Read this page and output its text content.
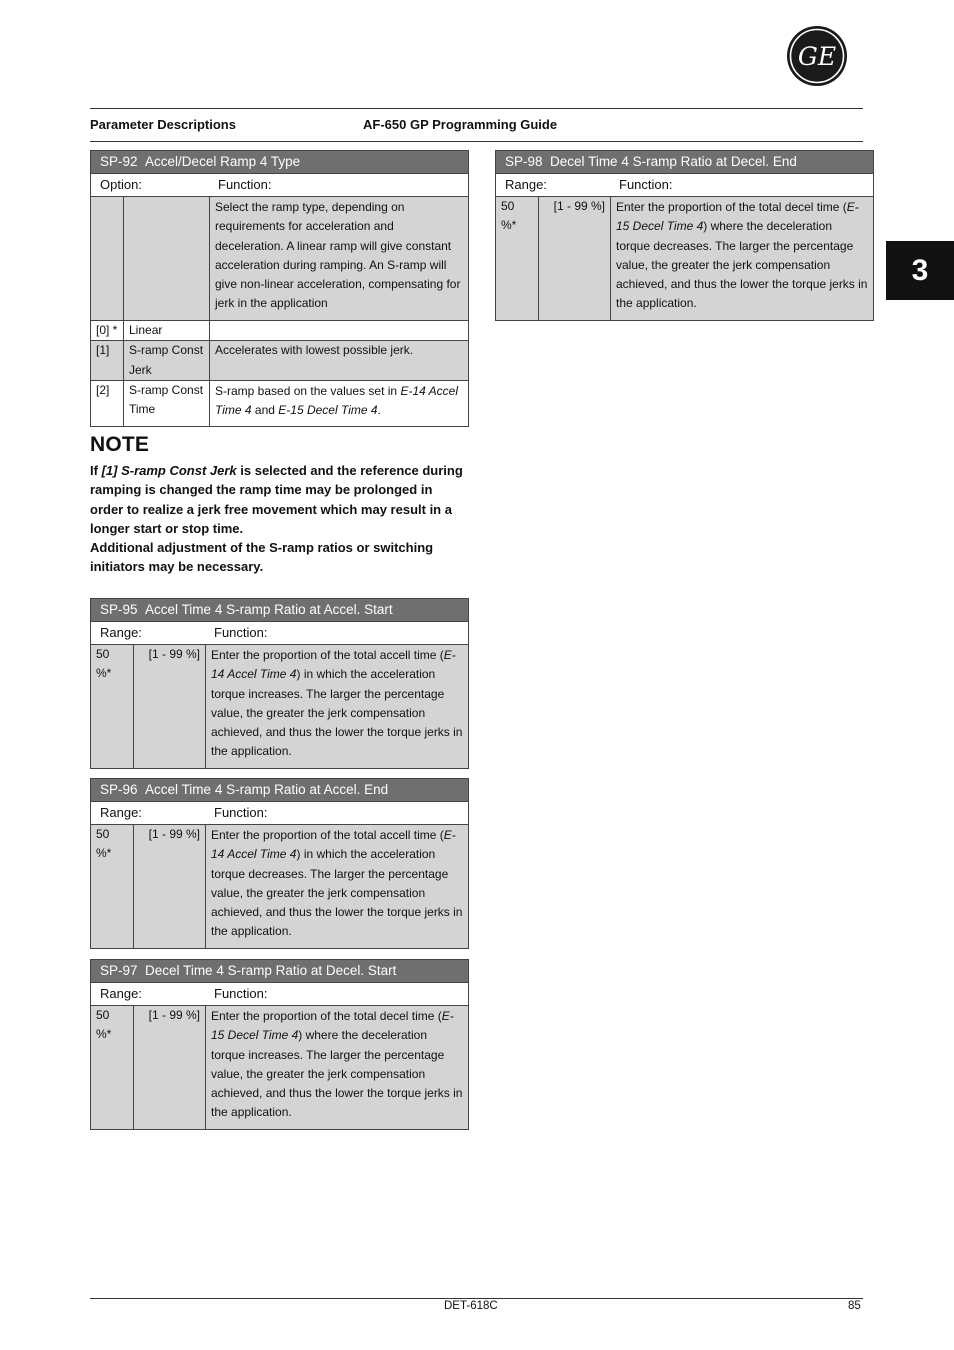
GE
Parameter Descriptions	AF-650 GP Programming Guide
3
SP-92 Accel/Decel Ramp 4 Type		
Option: Function:		
		Select the ramp type, depending on requirements for acceleration and deceleration. A linear ramp will give constant acceleration during ramping. An S-ramp will give non-linear acceleration, compensating for jerk in the application
[0] *	Linear	
[1]	S-ramp Const Jerk	Accelerates with lowest possible jerk.
[2]	S-ramp Const Time	S-ramp based on the values set in E-14 Accel Time 4 and E-15 Decel Time 4.
NOTE

If [1] S-ramp Const Jerk is selected and the reference during ramping is changed the ramp time may be prolonged in order to realize a jerk free movement which may result in a longer start or stop time.

Additional adjustment of the S-ramp ratios or switching initiators may be necessary.

SP-95 Accel Time 4 S-ramp Ratio at Accel. Start
Range:	Function:
50 %*	[1 - 99 %]	Enter the proportion of the total accell time (E-14 Accel Time 4) in which the acceleration torque increases. The larger the percentage value, the greater the jerk compensation achieved, and thus the lower the torque jerks in the application.
SP-96 Accel Time 4 S-ramp Ratio at Accel. End
Range:	Function:
50 %*	[1 - 99 %]	Enter the proportion of the total accell time (E-14 Accel Time 4) in which the acceleration torque decreases. The larger the percentage value, the greater the jerk compensation achieved, and thus the lower the torque jerks in the application.
SP-97 Decel Time 4 S-ramp Ratio at Decel. Start
Range:	Function:
50 %*	[1 - 99 %]	Enter the proportion of the total decel time (E-15 Decel Time 4) where the deceleration torque increases. The larger the percentage value, the greater the jerk compensation achieved, and thus the lower the torque jerks in the application.
SP-98 Decel Time 4 S-ramp Ratio at Decel. End
Range:	Function:
50 %*	[1 - 99 %]	Enter the proportion of the total decel time (E-15 Decel Time 4) where the deceleration torque decreases. The larger the percentage value, the greater the jerk compensation achieved, and thus the lower the torque jerks in the application.
DET-618C	85
